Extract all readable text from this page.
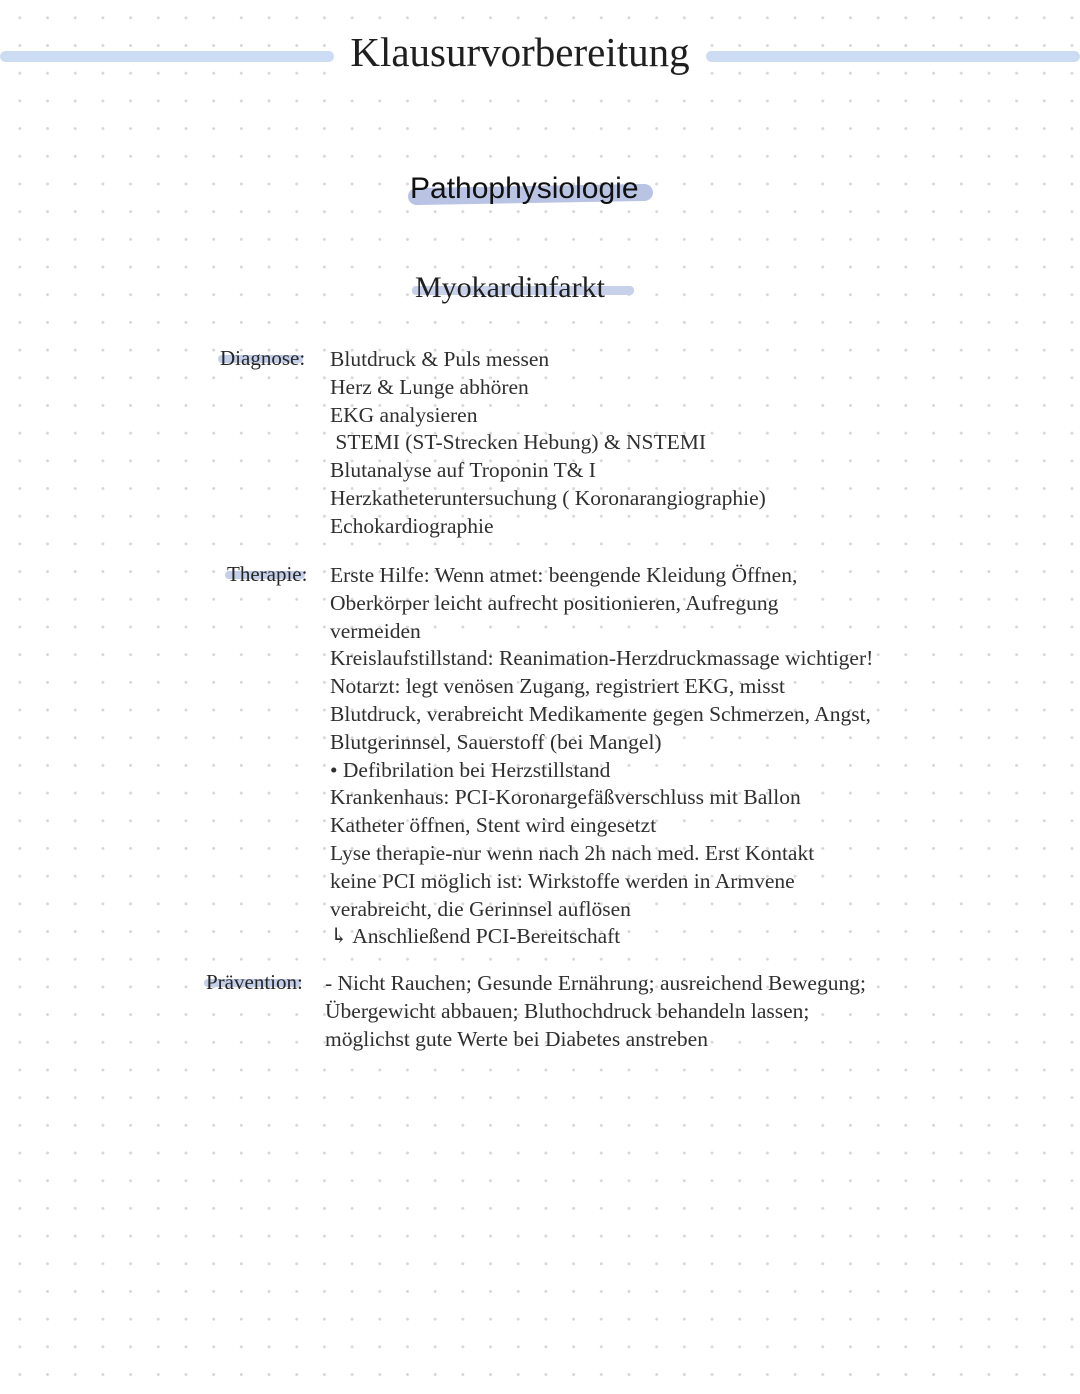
Klausurvorbereitung
Pathophysiologie
Myokardinfarkt
Diagnose: Blutdruck & Puls messen
Herz & Lunge abhören
EKG analysieren
STEMI (ST-Strecken Hebung) & NSTEMI
Blutanalyse auf Troponin T& I
Herzkatheteruntersuchung ( Koronarangiographie)
Echokardiographie
Therapie: Erste Hilfe: Wenn atmet: beengende Kleidung Öffnen,
Oberkörper leicht aufrecht positionieren, Aufregung
vermeiden
Kreislaufstillstand: Reanimation-Herzdruckmassage wichtiger!
Notarzt: legt venösen Zugang, registriert EKG, misst
Blutdruck, verabreicht Medikamente gegen Schmerzen, Angst,
Blutgerinnsel, Sauerstoff (bei Mangel)
• Defibrilation bei Herzstillstand
Krankenhaus: PCI-Koronargefäßverschluss mit Ballon
Katheter öffnen, Stent wird eingesetzt
Lyse therapie-nur wenn nach 2h nach med. Erst Kontakt
keine PCI möglich ist: Wirkstoffe werden in Armvene
verabreicht, die Gerinnsel auflösen
↳ Anschließend PCI-Bereitschaft
Prävention: - Nicht Rauchen; Gesunde Ernährung; ausreichend Bewegung;
Übergewicht abbauen; Bluthochdruck behandeln lassen;
möglichst gute Werte bei Diabetes anstreben
